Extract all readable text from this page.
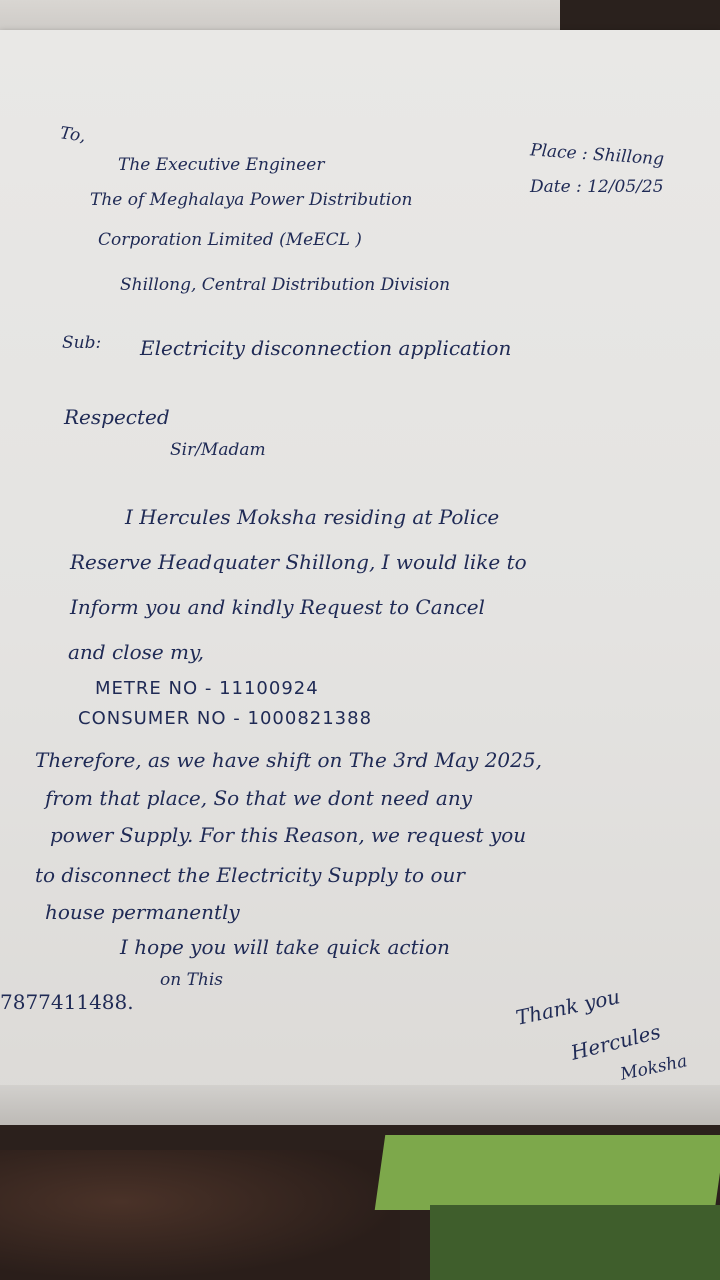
To,
The Executive Engineer
The of Meghalaya Power Distribution
Corporation Limited (MeECL )
Shillong, Central Distribution Division
Place : Shillong
Date : 12/05/25
Sub: Electricity disconnection application
Respected
Sir/Madam
I Hercules Moksha residing at Police
Reserve Headquater Shillong, I would like to
Inform you and kindly Request to Cancel
and close my,
METRE NO - 11100924
CONSUMER NO - 1000821388
Therefore, as we have shift on The 3rd May 2025,
from that place, So that we dont need any
power Supply. For this Reason, we request you
to disconnect the Electricity Supply to our
house permanently
I hope you will take quick action
on This
7877411488.	Thank you
Hercules
Moksha
